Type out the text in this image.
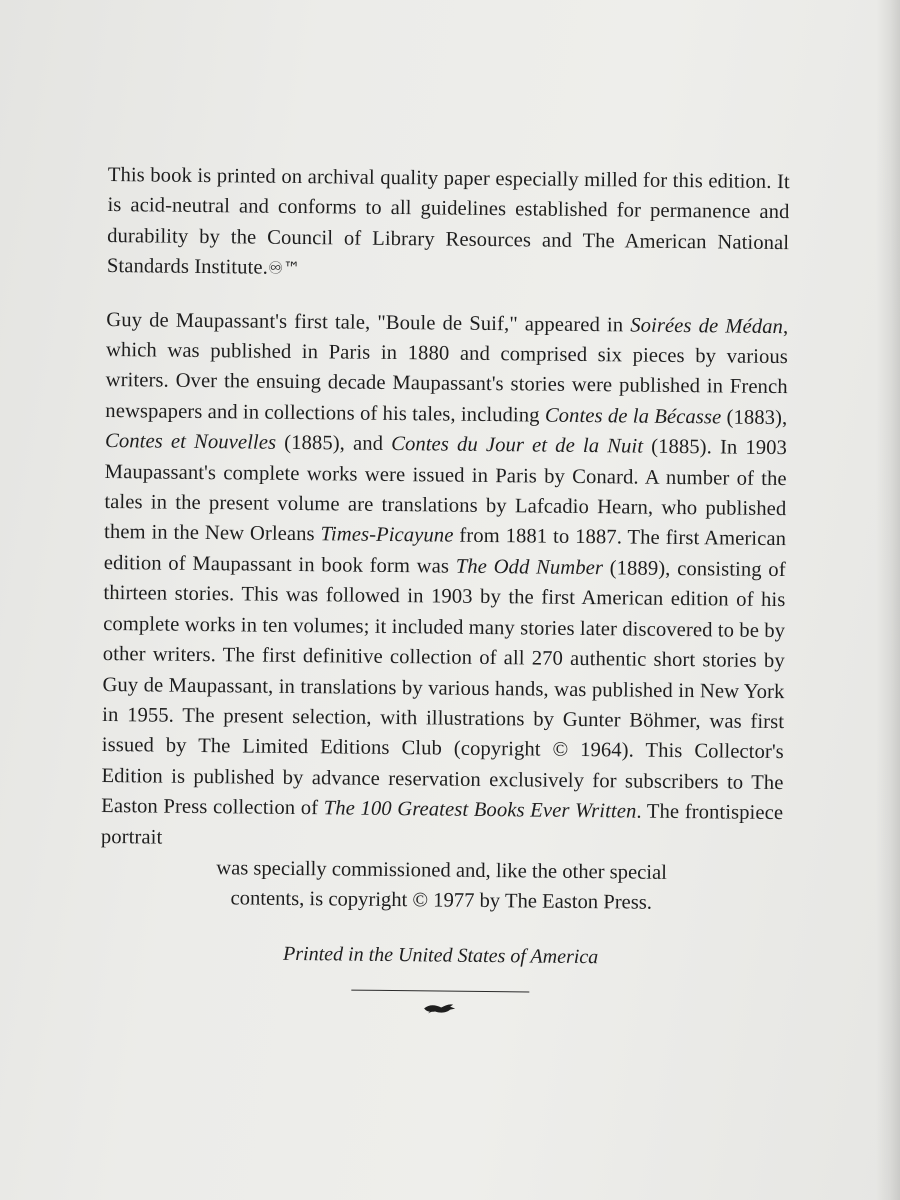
This book is printed on archival quality paper especially milled for this edition. It is acid-neutral and conforms to all guidelines established for permanence and durability by the Council of Library Resources and The American National Standards Institute.♾™

Guy de Maupassant's first tale, "Boule de Suif," appeared in Soirées de Médan, which was published in Paris in 1880 and comprised six pieces by various writers. Over the ensuing decade Maupassant's stories were published in French newspapers and in collections of his tales, including Contes de la Bécasse (1883), Contes et Nouvelles (1885), and Contes du Jour et de la Nuit (1885). In 1903 Maupassant's complete works were issued in Paris by Conard. A number of the tales in the present volume are translations by Lafcadio Hearn, who published them in the New Orleans Times-Picayune from 1881 to 1887. The first American edition of Maupassant in book form was The Odd Number (1889), consisting of thirteen stories. This was followed in 1903 by the first American edition of his complete works in ten volumes; it included many stories later discovered to be by other writers. The first definitive collection of all 270 authentic short stories by Guy de Maupassant, in translations by various hands, was published in New York in 1955. The present selection, with illustrations by Gunter Böhmer, was first issued by The Limited Editions Club (copyright © 1964). This Collector's Edition is published by advance reservation exclusively for subscribers to The Easton Press collection of The 100 Greatest Books Ever Written. The frontispiece portrait

was specially commissioned and, like the other special
contents, is copyright © 1977 by The Easton Press.
Printed in the United States of America
